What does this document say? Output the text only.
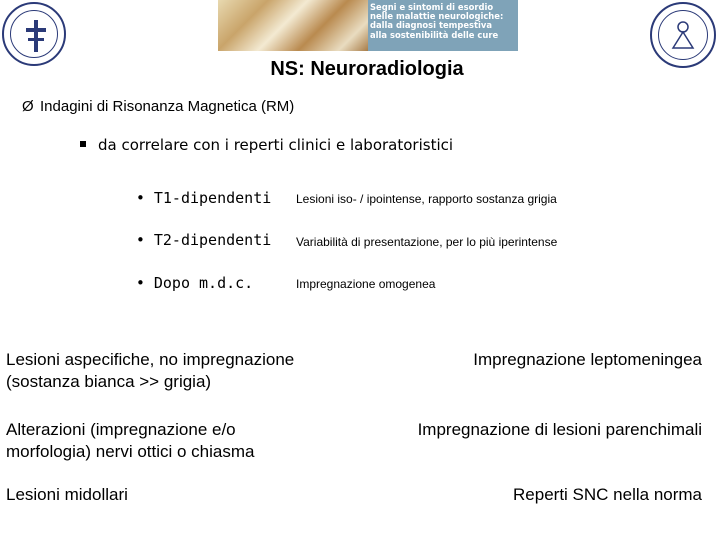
Segni e sintomi di esordio
nelle malattie neurologiche:
dalla diagnosi tempestiva
alla sostenibilità delle cure
NS: Neuroradiologia
Ø Indagini di Risonanza Magnetica (RM)
da correlare con i reperti clinici e laboratoristici
• T1-dipendenti Lesioni iso- / ipointense, rapporto sostanza grigia
• T2-dipendenti Variabilità di presentazione, per lo più iperintense
• Dopo m.d.c.	Impregnazione omogenea
Lesioni aspecifiche, no impregnazione (sostanza bianca >> grigia)
Alterazioni (impregnazione e/o morfologia) nervi ottici o chiasma
Lesioni midollari
Impregnazione leptomeningea
Impregnazione di lesioni parenchimali
Reperti SNC nella norma
